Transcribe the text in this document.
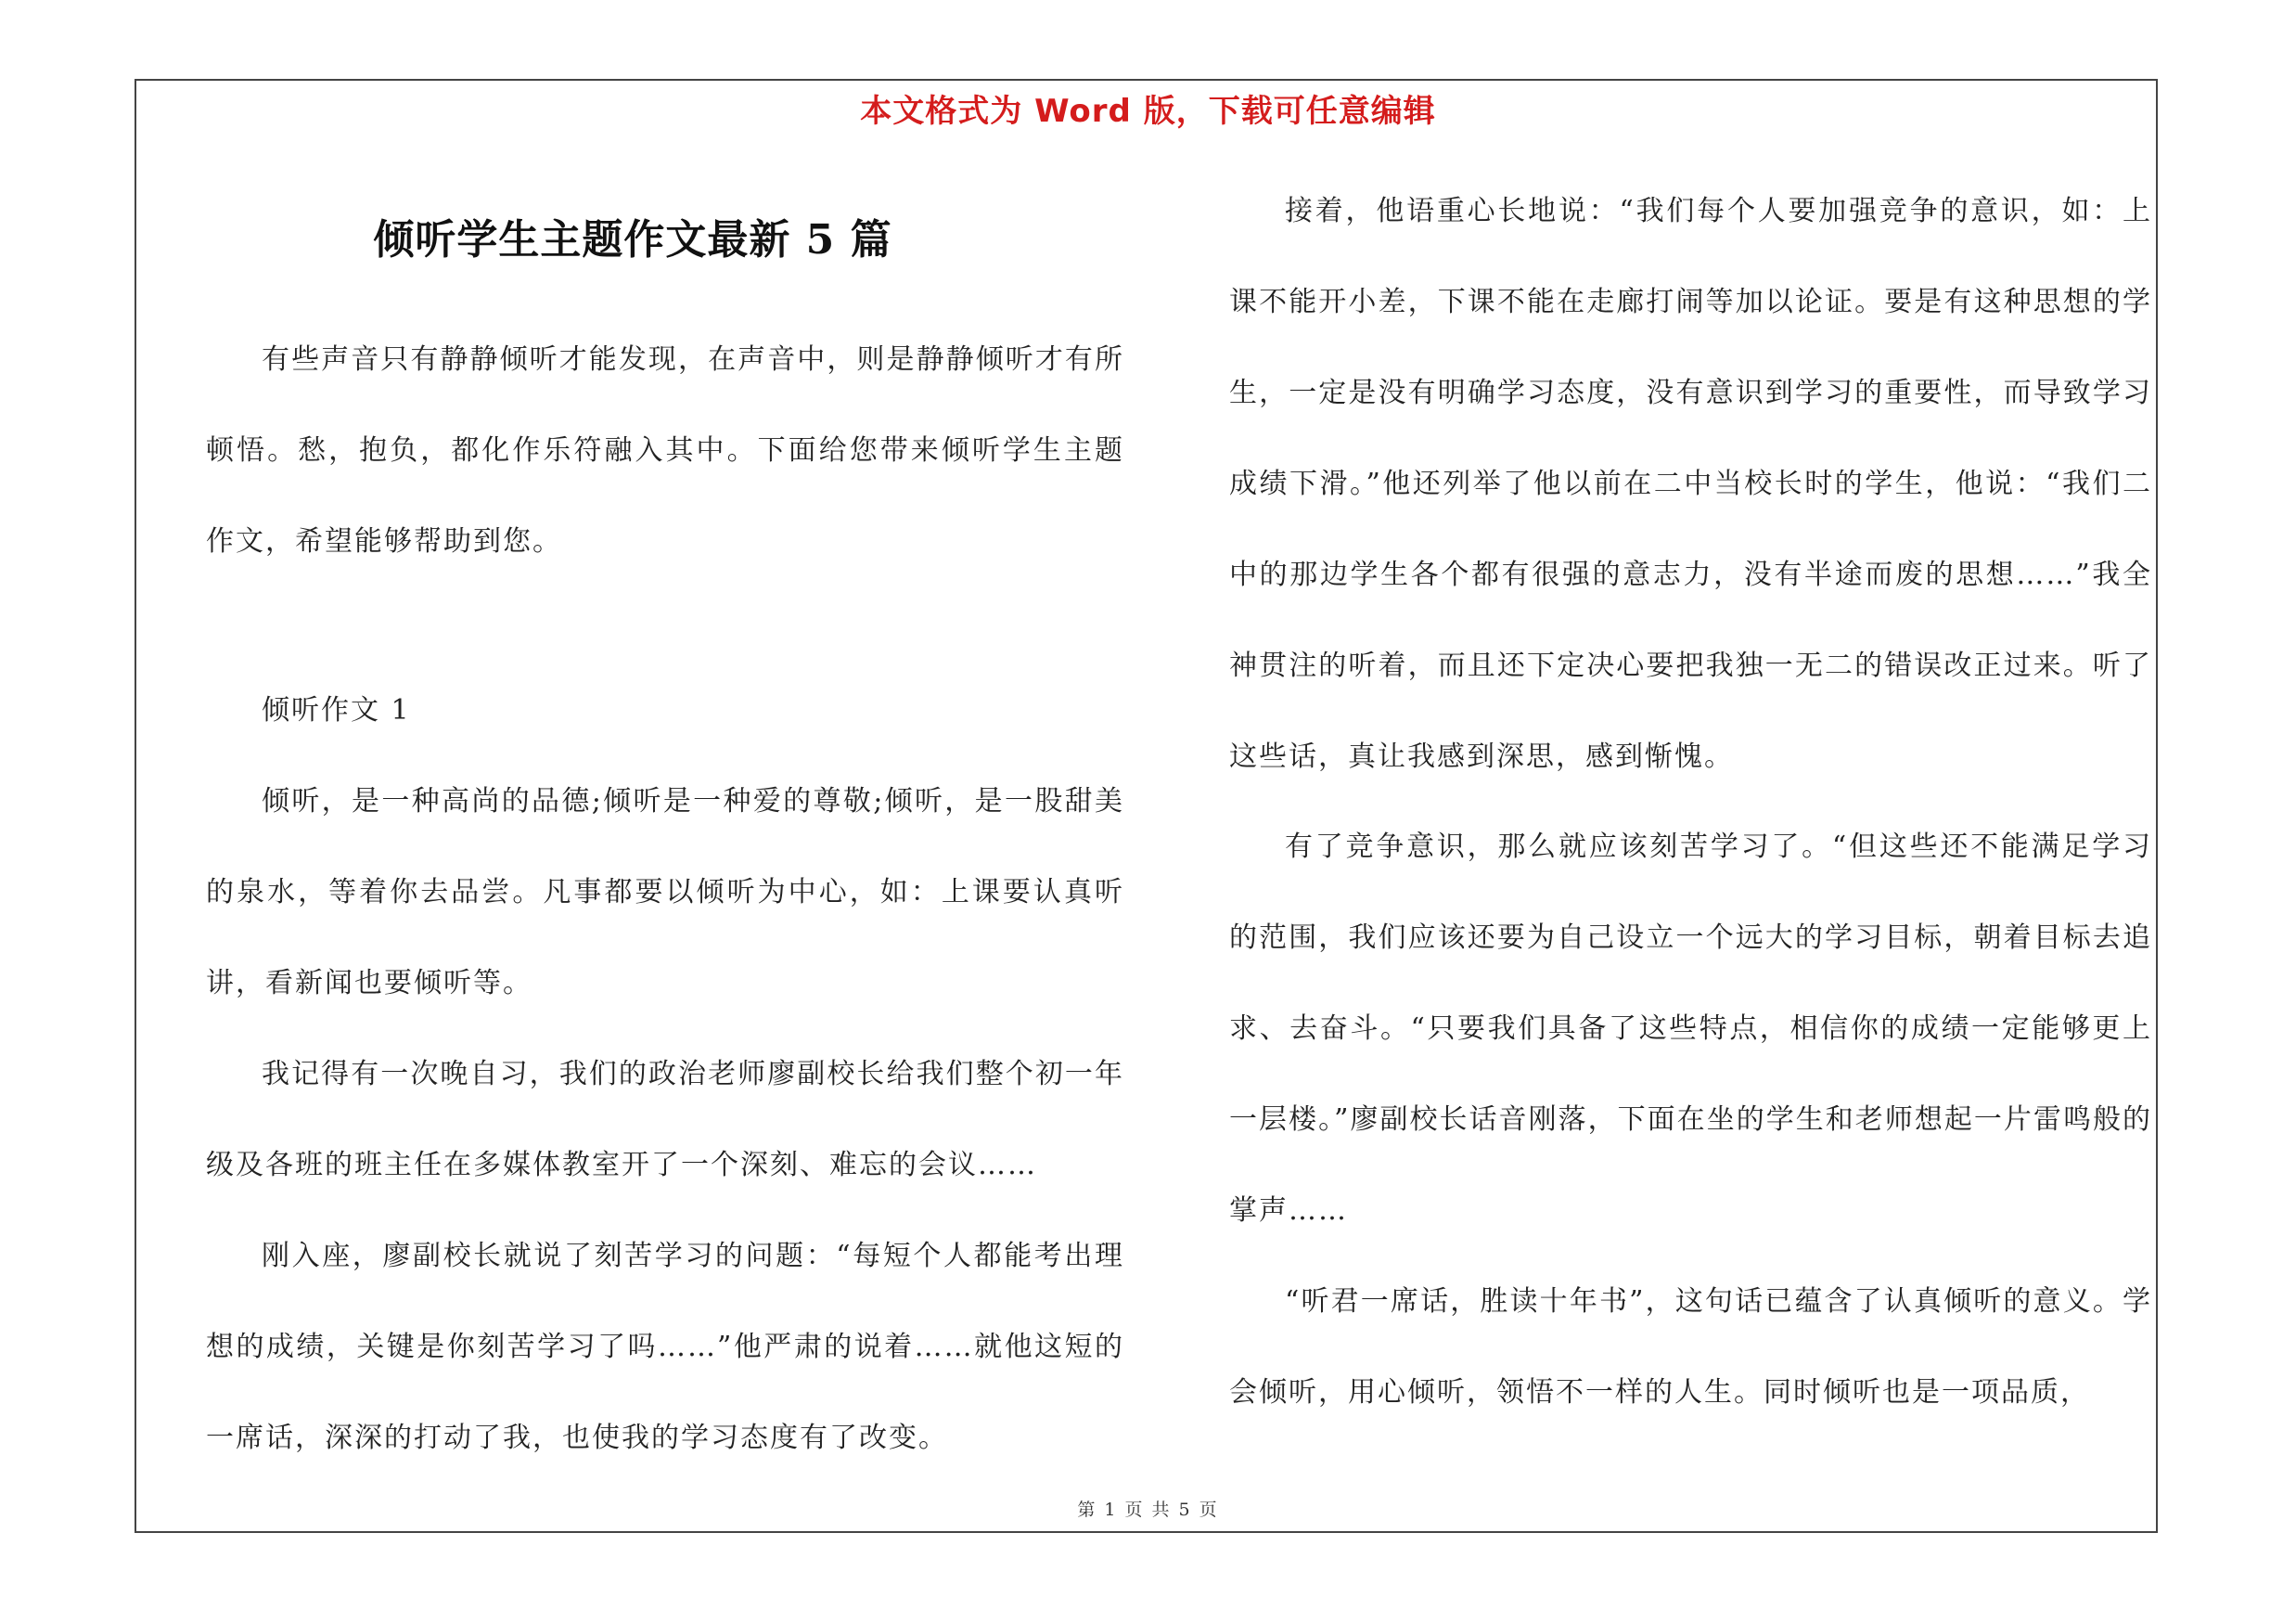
本文格式为 Word 版，下载可任意编辑
倾听学生主题作文最新 5 篇

有些声音只有静静倾听才能发现，在声音中，则是静静倾听才有所顿悟。愁，抱负，都化作乐符融入其中。下面给您带来倾听学生主题作文，希望能够帮助到您。

倾听作文 1

倾听，是一种高尚的品德;倾听是一种爱的尊敬;倾听，是一股甜美的泉水，等着你去品尝。凡事都要以倾听为中心，如：上课要认真听讲，看新闻也要倾听等。

我记得有一次晚自习，我们的政治老师廖副校长给我们整个初一年级及各班的班主任在多媒体教室开了一个深刻、难忘的会议……

刚入座，廖副校长就说了刻苦学习的问题：“每短个人都能考出理想的成绩，关键是你刻苦学习了吗……”他严肃的说着……就他这短的一席话，深深的打动了我，也使我的学习态度有了改变。

接着，他语重心长地说：“我们每个人要加强竞争的意识，如：上课不能开小差，下课不能在走廊打闹等加以论证。要是有这种思想的学生，一定是没有明确学习态度，没有意识到学习的重要性，而导致学习成绩下滑。”他还列举了他以前在二中当校长时的学生，他说：“我们二中的那边学生各个都有很强的意志力，没有半途而废的思想……”我全神贯注的听着，而且还下定决心要把我独一无二的错误改正过来。听了这些话，真让我感到深思，感到惭愧。

有了竞争意识，那么就应该刻苦学习了。“但这些还不能满足学习的范围，我们应该还要为自己设立一个远大的学习目标，朝着目标去追求、去奋斗。“只要我们具备了这些特点，相信你的成绩一定能够更上一层楼。”廖副校长话音刚落，下面在坐的学生和老师想起一片雷鸣般的掌声……

“听君一席话，胜读十年书”，这句话已蕴含了认真倾听的意义。学会倾听，用心倾听，领悟不一样的人生。同时倾听也是一项品质，

第 1 页 共 5 页
